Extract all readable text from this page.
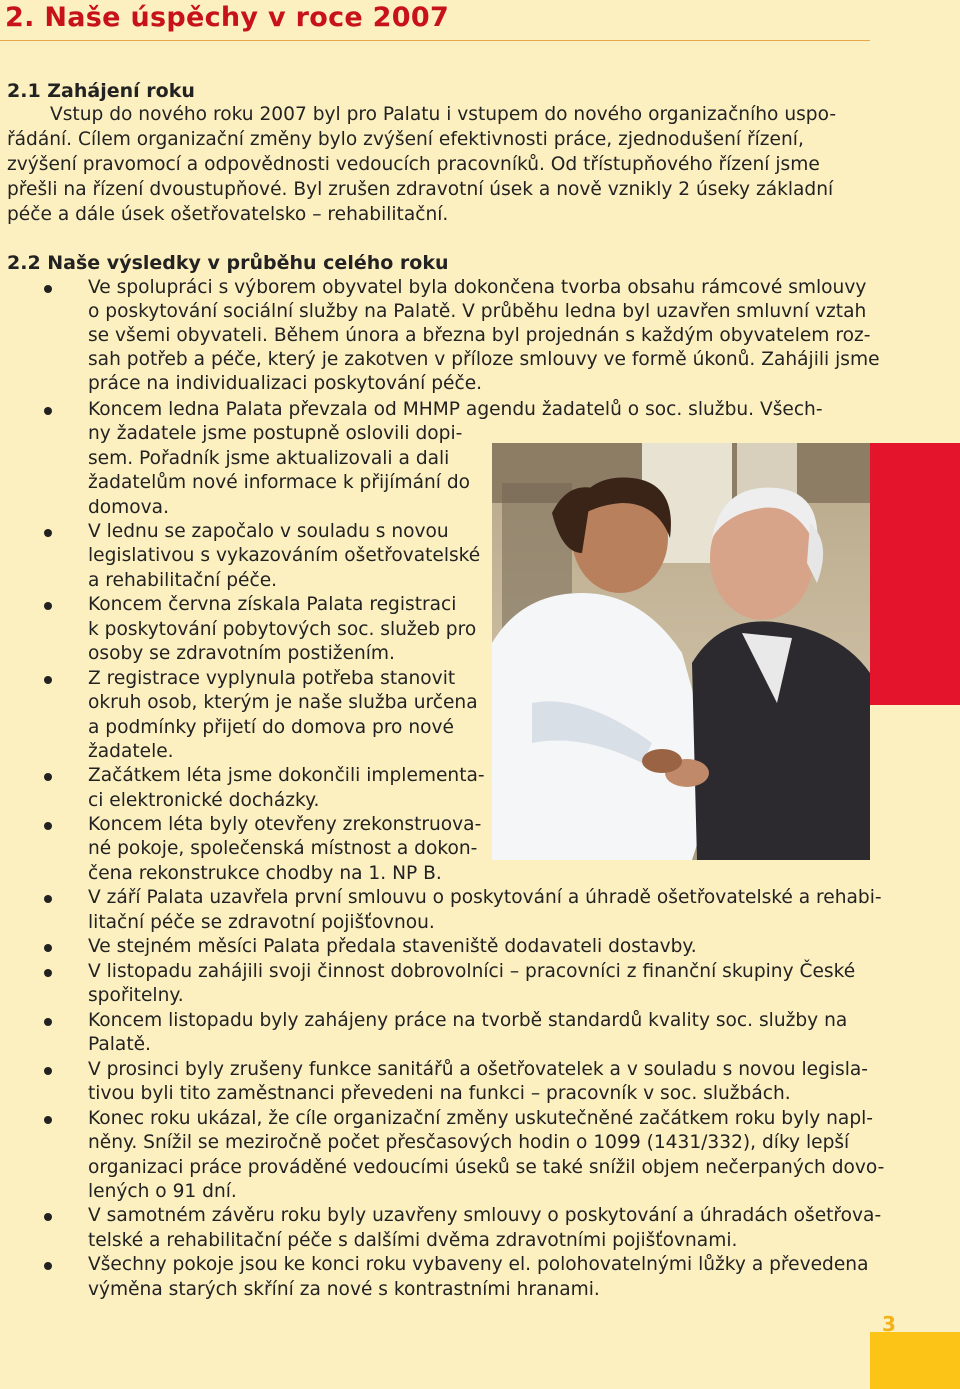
2. Naše úspěchy v roce 2007
2.1 Zahájení roku
Vstup do nového roku 2007 byl pro Palatu i vstupem do nového organizačního uspo-
řádání. Cílem organizační změny bylo zvýšení efektivnosti práce, zjednodušení řízení,
zvýšení pravomocí a odpovědnosti vedoucích pracovníků. Od třístupňového řízení jsme
přešli na řízení dvoustupňové. Byl zrušen zdravotní úsek a nově vznikly 2 úseky základní
péče a dále úsek ošetřovatelsko – rehabilitační.
2.2 Naše výsledky v průběhu celého roku
Ve spolupráci s výborem obyvatel byla dokončena tvorba obsahu rámcové smlouvy
o poskytování sociální služby na Palatě. V průběhu ledna byl uzavřen smluvní vztah
se všemi obyvateli. Během února a března byl projednán s každým obyvatelem roz-
sah potřeb a péče, který je zakotven v příloze smlouvy ve formě úkonů. Zahájili jsme
práce na individualizaci poskytování péče.
Koncem ledna Palata převzala od MHMP agendu žadatelů o soc. službu. Všech-
ny žadatele jsme postupně oslovili dopi-
sem. Pořadník jsme aktualizovali a dali
žadatelům nové informace k přijímání do
domova.
V lednu se započalo v souladu s novou
legislativou s vykazováním ošetřovatelské
a rehabilitační péče.
Koncem června získala Palata registraci
k poskytování pobytových soc. služeb pro
osoby se zdravotním postižením.
Z registrace vyplynula potřeba stanovit
okruh osob, kterým je naše služba určena
a podmínky přijetí do domova pro nové
žadatele.
Začátkem léta jsme dokončili implementa-
ci elektronické docházky.
Koncem léta byly otevřeny zrekonstruova-
né pokoje, společenská místnost a dokon-
čena rekonstrukce chodby na 1. NP B.
V září Palata uzavřela první smlouvu o poskytování a úhradě ošetřovatelské a rehabi-
litační péče se zdravotní pojišťovnou.
Ve stejném měsíci Palata předala staveniště dodavateli dostavby.
V listopadu zahájili svoji činnost dobrovolníci – pracovníci z finanční skupiny České
spořitelny.
Koncem listopadu byly zahájeny práce na tvorbě standardů kvality soc. služby na
Palatě.
V prosinci byly zrušeny funkce sanitářů a ošetřovatelek a v souladu s novou legisla-
tivou byli tito zaměstnanci převedeni na funkci – pracovník v soc. službách.
Konec roku ukázal, že cíle organizační změny uskutečněné začátkem roku byly napl-
něny. Snížil se meziročně počet přesčasových hodin o 1099 (1431/332), díky lepší
organizaci práce prováděné vedoucími úseků se také snížil objem nečerpaných dovo-
lených o 91 dní.
V samotném závěru roku byly uzavřeny smlouvy o poskytování a úhradách ošetřova-
telské a rehabilitační péče s dalšími dvěma zdravotními pojišťovnami.
Všechny pokoje jsou ke konci roku vybaveny el. polohovatelnými lůžky a převedena
výměna starých skříní za nové s kontrastními hranami.
3
